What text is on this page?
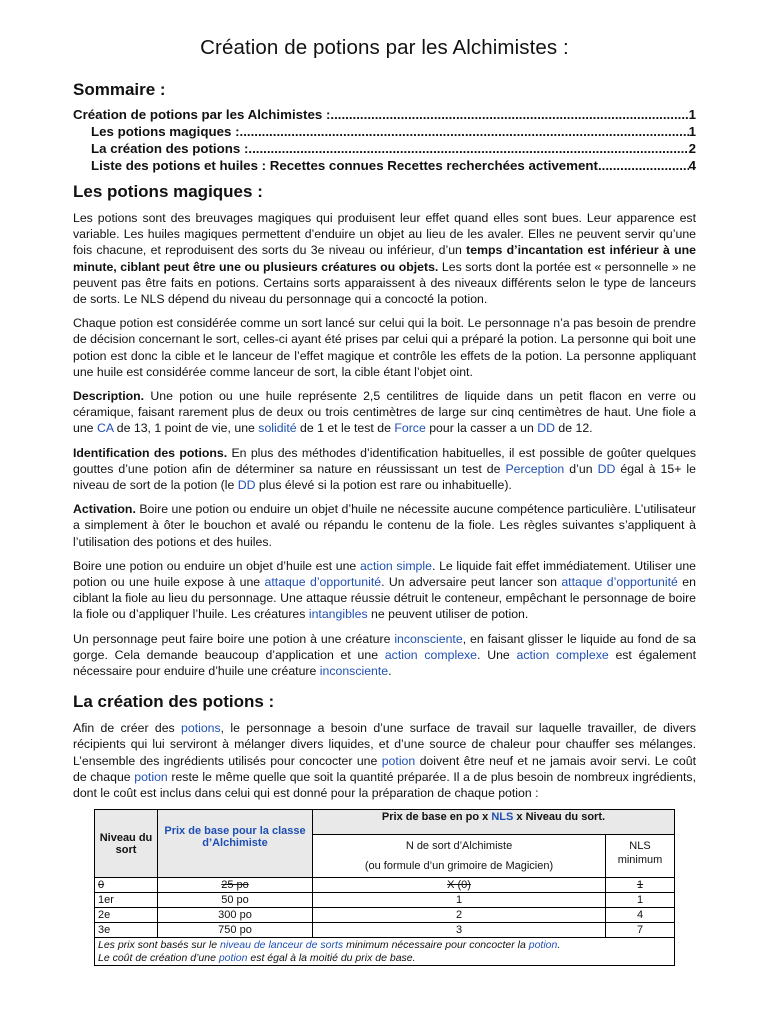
Création de potions par les Alchimistes :
Sommaire :
Création de potions par les Alchimistes : .....	1
Les potions magiques : .....	1
La création des potions : .....	2
Liste des potions et huiles : Recettes connues Recettes recherchées activement .....	4
Les potions magiques :

Les potions sont des breuvages magiques qui produisent leur effet quand elles sont bues. Leur apparence est variable. Les huiles magiques permettent d’enduire un objet au lieu de les avaler. Elles ne peuvent servir qu’une fois chacune, et reproduisent des sorts du 3e niveau ou inférieur, d’un temps d’incantation est inférieur à une minute, ciblant peut être une ou plusieurs créatures ou objets. Les sorts dont la portée est « personnelle » ne peuvent pas être faits en potions. Certains sorts apparaissent à des niveaux différents selon le type de lanceurs de sorts. Le NLS dépend du niveau du personnage qui a concocté la potion.

Chaque potion est considérée comme un sort lancé sur celui qui la boit. Le personnage n’a pas besoin de prendre de décision concernant le sort, celles-ci ayant été prises par celui qui a préparé la potion. La personne qui boit une potion est donc la cible et le lanceur de l’effet magique et contrôle les effets de la potion. La personne appliquant une huile est considérée comme lanceur de sort, la cible étant l’objet oint.

Description. Une potion ou une huile représente 2,5 centilitres de liquide dans un petit flacon en verre ou céramique, faisant rarement plus de deux ou trois centimètres de large sur cinq centimètres de haut. Une fiole a une CA de 13, 1 point de vie, une solidité de 1 et le test de Force pour la casser a un DD de 12.

Identification des potions. En plus des méthodes d’identification habituelles, il est possible de goûter quelques gouttes d’une potion afin de déterminer sa nature en réussissant un test de Perception d’un DD égal à 15+ le niveau de sort de la potion (le DD plus élevé si la potion est rare ou inhabituelle).

Activation. Boire une potion ou enduire un objet d’huile ne nécessite aucune compétence particulière. L’utilisateur a simplement à ôter le bouchon et avalé ou répandu le contenu de la fiole. Les règles suivantes s’appliquent à l’utilisation des potions et des huiles.

Boire une potion ou enduire un objet d’huile est une action simple. Le liquide fait effet immédiatement. Utiliser une potion ou une huile expose à une attaque d’opportunité. Un adversaire peut lancer son attaque d’opportunité en ciblant la fiole au lieu du personnage. Une attaque réussie détruit le conteneur, empêchant le personnage de boire la fiole ou d’appliquer l’huile. Les créatures intangibles ne peuvent utiliser de potion.

Un personnage peut faire boire une potion à une créature inconsciente, en faisant glisser le liquide au fond de sa gorge. Cela demande beaucoup d’application et une action complexe. Une action complexe est également nécessaire pour enduire d’huile une créature inconsciente.

La création des potions :

Afin de créer des potions, le personnage a besoin d’une surface de travail sur laquelle travailler, de divers récipients qui lui serviront à mélanger divers liquides, et d’une source de chaleur pour chauffer ses mélanges. L’ensemble des ingrédients utilisés pour concocter une potion doivent être neuf et ne jamais avoir servi. Le coût de chaque potion reste le même quelle que soit la quantité préparée. Il a de plus besoin de nombreux ingrédients, dont le coût est inclus dans celui qui est donné pour la préparation de chaque potion :

Niveau du sort	Prix de base pour la classe d’Alchimiste	Prix de base en po x NLS x Niveau du sort.	

		N de sort d’Alchimiste
(ou formule d’un grimoire de Magicien)	NLS minimum
0	25 po	X (0)	1
1er	50 po	1	1
2e	300 po	2	4
3e	750 po	3	7

Les prix sont basés sur le niveau de lanceur de sorts minimum nécessaire pour concocter la potion.
Le coût de création d’une potion est égal à la moitié du prix de base.			
